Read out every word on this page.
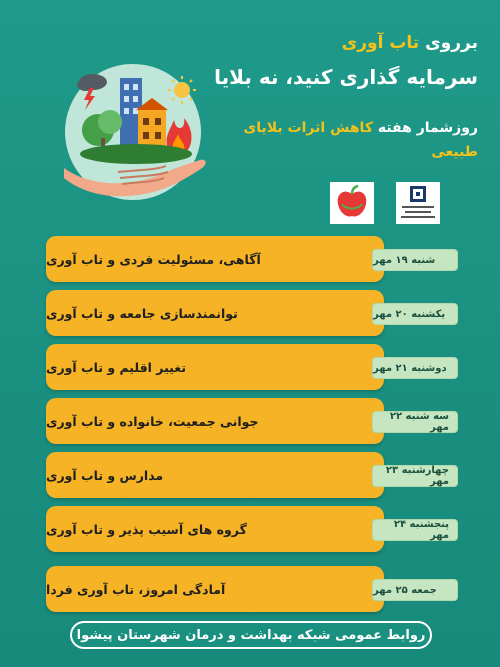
برروی تاب آوری
سرمایه گذاری کنید، نه بلایا
روزشمار هفته کاهش اثرات بلایای طبیعی
آگاهی، مسئولیت فردی و تاب آوری	شنبه ۱۹ مهر
توانمندسازی جامعه و تاب آوری	یکشنبه ۲۰ مهر
تغییر اقلیم و تاب آوری	دوشنبه ۲۱ مهر
جوانی جمعیت، خانواده و تاب آوری	سه شنبه ۲۲ مهر
مدارس و تاب آوری	چهارشنبه ۲۳ مهر
گروه های آسیب پذیر و تاب آوری	پنجشنبه ۲۴ مهر
آمادگی امروز، تاب آوری فردا	جمعه ۲۵ مهر
روابط عمومی شبکه بهداشت و درمان شهرستان پیشوا
